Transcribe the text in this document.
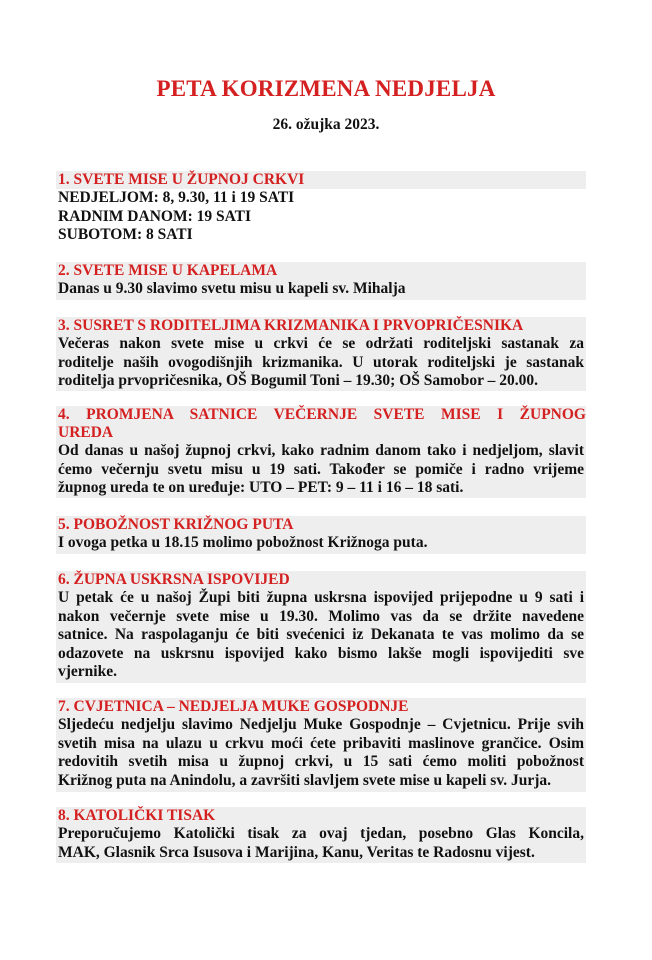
PETA KORIZMENA NEDJELJA
26. ožujka 2023.
1. SVETE MISE U ŽUPNOJ CRKVI
NEDJELJOM: 8, 9.30, 11 i 19 SATI
RADNIM DANOM: 19 SATI
SUBOTOM: 8 SATI
2. SVETE MISE U KAPELAMA
Danas u 9.30 slavimo svetu misu u kapeli sv. Mihalja
3. SUSRET S RODITELJIMA KRIZMANIKA I PRVOPRIČESNIKA
Večeras nakon svete mise u crkvi će se održati roditeljski sastanak za
roditelje naših ovogodišnjih krizmanika. U utorak roditeljski je sastanak
roditelja prvopričesnika, OŠ Bogumil Toni – 19.30; OŠ Samobor – 20.00.
4. PROMJENA SATNICE VEČERNJE SVETE MISE I ŽUPNOG
UREDA
Od danas u našoj župnoj crkvi, kako radnim danom tako i nedjeljom, slavit
ćemo večernju svetu misu u 19 sati. Također se pomiče i radno vrijeme
župnog ureda te on uređuje: UTO – PET: 9 – 11 i 16 – 18 sati.
5. POBOŽNOST KRIŽNOG PUTA
I ovoga petka u 18.15 molimo pobožnost Križnoga puta.
6. ŽUPNA USKRSNA ISPOVIJED
U petak će u našoj Župi biti župna uskrsna ispovijed prijepodne u 9 sati i
nakon večernje svete mise u 19.30. Molimo vas da se držite navedene
satnice. Na raspolaganju će biti svećenici iz Dekanata te vas molimo da se
odazovete na uskrsnu ispovijed kako bismo lakše mogli ispovijediti sve
vjernike.
7. CVJETNICA – NEDJELJA MUKE GOSPODNJE
Sljedeću nedjelju slavimo Nedjelju Muke Gospodnje – Cvjetnicu. Prije svih
svetih misa na ulazu u crkvu moći ćete pribaviti maslinove grančice. Osim
redovitih svetih misa u župnoj crkvi, u 15 sati ćemo moliti pobožnost
Križnog puta na Anindolu, a završiti slavljem svete mise u kapeli sv. Jurja.
8. KATOLIČKI TISAK
Preporučujemo Katolički tisak za ovaj tjedan, posebno Glas Koncila,
MAK, Glasnik Srca Isusova i Marijina, Kanu, Veritas te Radosnu vijest.
